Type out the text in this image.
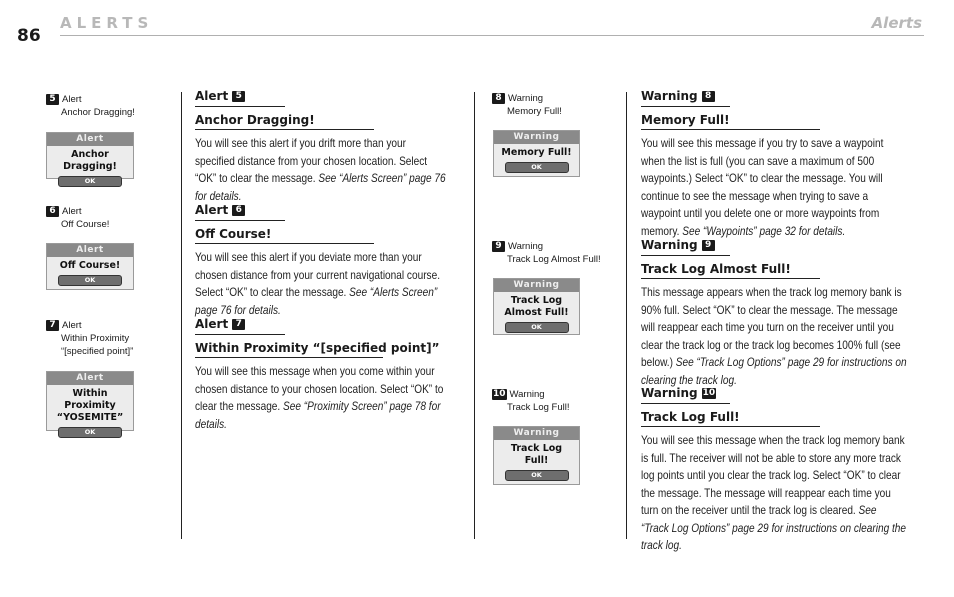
86
ALERTS	Alerts
5 Alert
Anchor Dragging!
Alert
Anchor Dragging!
OK
6 Alert
Off Course!
Alert
Off Course!
OK
7 Alert
Within Proximity
“[specified point]”
Alert
Within Proximity
“YOSEMITE”
OK
Alert 5
Anchor Dragging!
You will see this alert if you drift more than your specified distance from your chosen location. Select “OK” to clear the message. See “Alerts Screen” page 76 for details.
Alert 6
Off Course!
You will see this alert if you deviate more than your chosen distance from your current navigational course. Select “OK” to clear the message. See “Alerts Screen” page 76 for details.
Alert 7
Within Proximity “[specified point]”
You will see this message when you come within your chosen distance to your chosen location. Select “OK” to clear the message. See “Proximity Screen” page 78 for details.
8 Warning
Memory Full!
Warning
Memory Full!
OK
9 Warning
Track Log Almost Full!
Warning
Track Log
Almost Full!
OK
10 Warning
Track Log Full!
Warning
Track Log
Full!
OK
Warning 8
Memory Full!
You will see this message if you try to save a waypoint when the list is full (you can save a maximum of 500 waypoints.) Select “OK” to clear the message. You will continue to see the message when trying to save a waypoint until you delete one or more waypoints from memory. See “Waypoints” page 32 for details.
Warning 9
Track Log Almost Full!
This message appears when the track log memory bank is 90% full. Select “OK” to clear the message. The message will reappear each time you turn on the receiver until you clear the track log or the track log becomes 100% full (see below.) See “Track Log Options” page 29 for instructions on clearing the track log.
Warning 10
Track Log Full!
You will see this message when the track log memory bank is full. The receiver will not be able to store any more track log points until you clear the track log. Select “OK” to clear the message. The message will reappear each time you turn on the receiver until the track log is cleared. See “Track Log Options” page 29 for instructions on clearing the track log.
